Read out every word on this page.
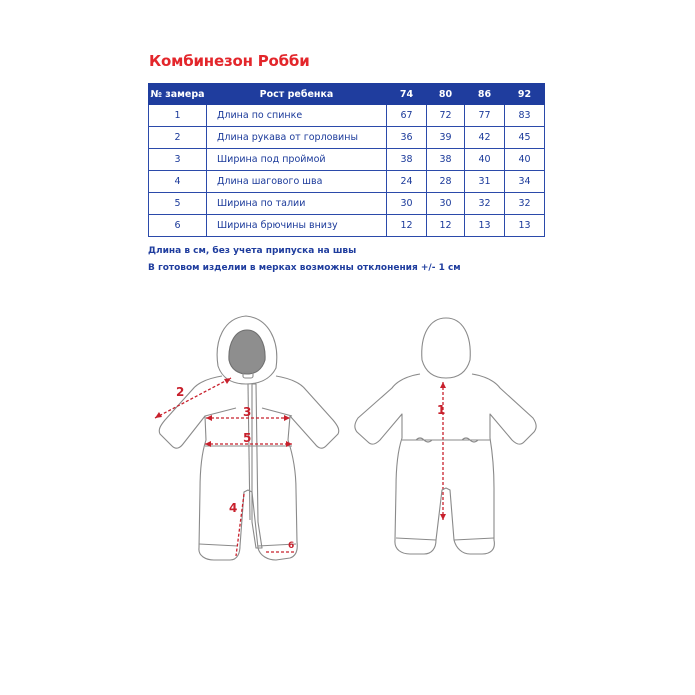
Комбинезон Робби
№ замера	Рост ребенка	74	80	86	92
1	Длина по спинке	67	72	77	83
2	Длина рукава от горловины	36	39	42	45
3	Ширина под проймой	38	38	40	40
4	Длина шагового шва	24	28	31	34
5	Ширина по талии	30	30	32	32
6	Ширина брючины внизу	12	12	13	13
Длина в см, без учета припуска на швы
В готовом изделии в мерках возможны отклонения +/- 1 см
2
3
5
4
6
1
